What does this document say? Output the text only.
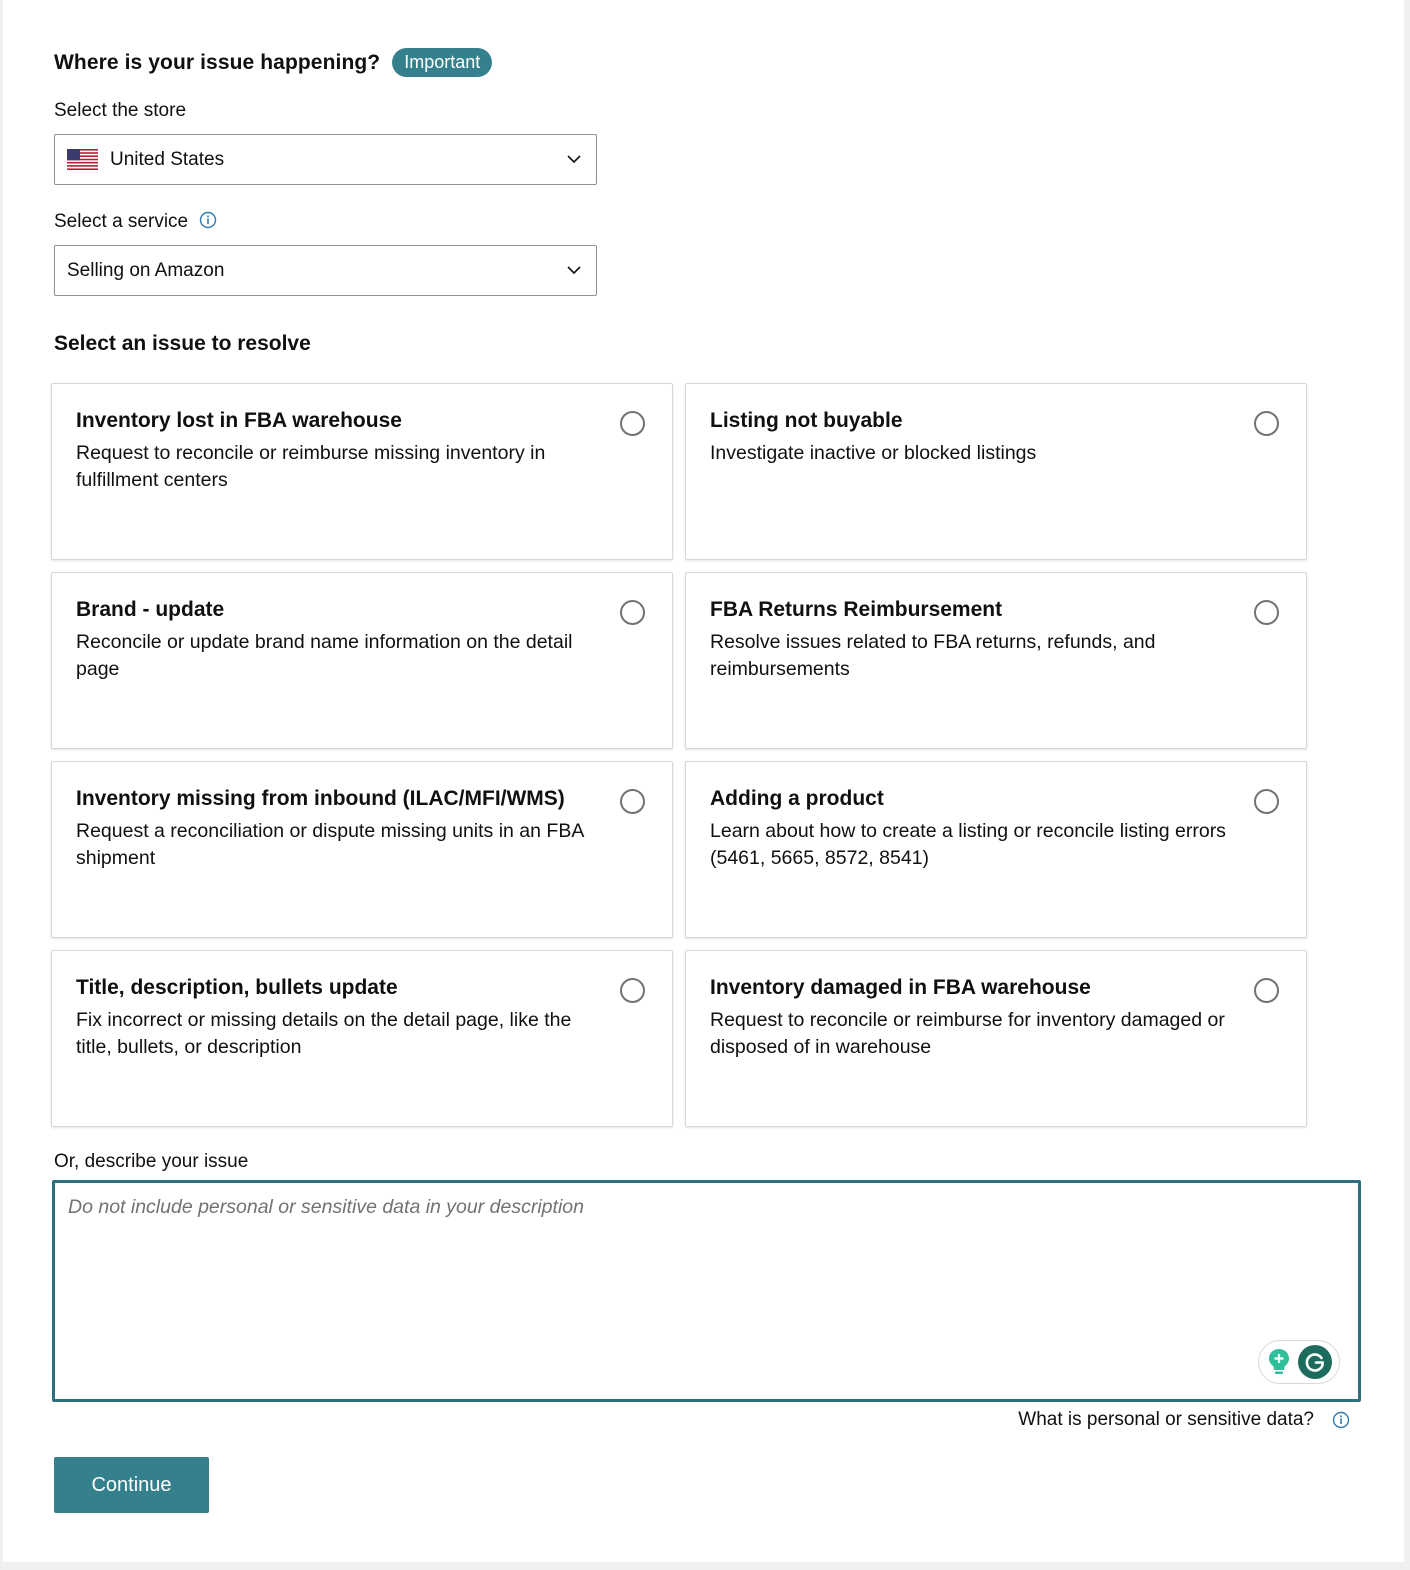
Where is your issue happening?	Important
Select the store
United States
Select a service
Selling on Amazon
Select an issue to resolve
Inventory lost in FBA warehouse
Request to reconcile or reimburse missing inventory in fulfillment centers
Listing not buyable
Investigate inactive or blocked listings
Brand - update
Reconcile or update brand name information on the detail page
FBA Returns Reimbursement
Resolve issues related to FBA returns, refunds, and reimbursements
Inventory missing from inbound (ILAC/MFI/WMS)
Request a reconciliation or dispute missing units in an FBA shipment
Adding a product
Learn about how to create a listing or reconcile listing errors (5461, 5665, 8572, 8541)
Title, description, bullets update
Fix incorrect or missing details on the detail page, like the title, bullets, or description
Inventory damaged in FBA warehouse
Request to reconcile or reimburse for inventory damaged or disposed of in warehouse
Or, describe your issue
Do not include personal or sensitive data in your description
What is personal or sensitive data?
Continue
